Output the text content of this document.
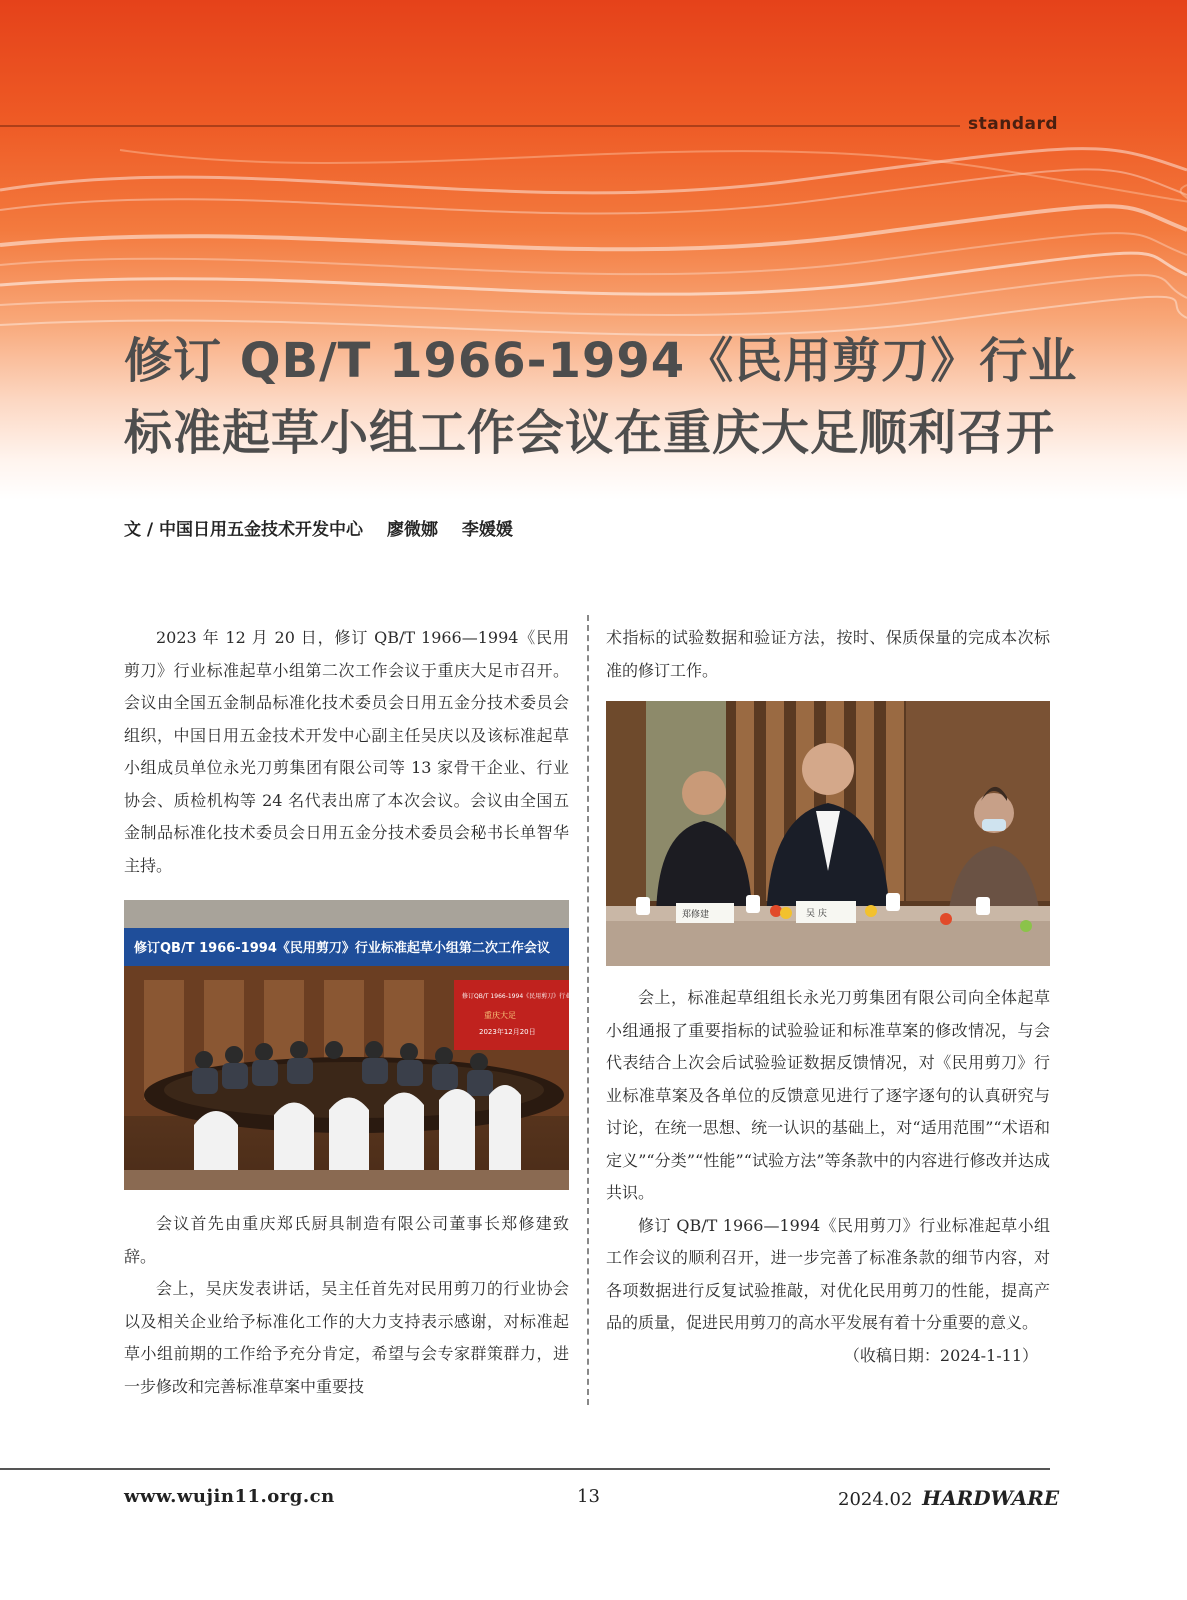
standard
修订 QB/T 1966-1994《民用剪刀》行业
标准起草小组工作会议在重庆大足顺利召开
文 / 中国日用五金技术开发中心 廖微娜 李媛媛

2023 年 12 月 20 日，修订 QB/T 1966—1994《民用剪刀》行业标准起草小组第二次工作会议于重庆大足市召开。会议由全国五金制品标准化技术委员会日用五金分技术委员会组织，中国日用五金技术开发中心副主任吴庆以及该标准起草小组成员单位永光刀剪集团有限公司等 13 家骨干企业、行业协会、质检机构等 24 名代表出席了本次会议。会议由全国五金制品标准化技术委员会日用五金分技术委员会秘书长单智华主持。

修订QB/T 1966-1994《民用剪刀》行业标准起草小组第二次工作会议
修订QB/T 1966-1994《民用剪刀》行业标准起草小组第二次工作会议
重庆大足
2023年12月20日

会议首先由重庆郑氏厨具制造有限公司董事长郑修建致辞。

会上，吴庆发表讲话，吴主任首先对民用剪刀的行业协会以及相关企业给予标准化工作的大力支持表示感谢，对标准起草小组前期的工作给予充分肯定，希望与会专家群策群力，进一步修改和完善标准草案中重要技

术指标的试验数据和验证方法，按时、保质保量的完成本次标准的修订工作。

郑修建	吴 庆

会上，标准起草组组长永光刀剪集团有限公司向全体起草小组通报了重要指标的试验验证和标准草案的修改情况，与会代表结合上次会后试验验证数据反馈情况，对《民用剪刀》行业标准草案及各单位的反馈意见进行了逐字逐句的认真研究与讨论，在统一思想、统一认识的基础上，对“适用范围”“术语和定义”“分类”“性能”“试验方法”等条款中的内容进行修改并达成共识。

修订 QB/T 1966—1994《民用剪刀》行业标准起草小组工作会议的顺利召开，进一步完善了标准条款的细节内容，对各项数据进行反复试验推敲，对优化民用剪刀的性能，提高产品的质量，促进民用剪刀的高水平发展有着十分重要的意义。

（收稿日期：2024-1-11）

www.wujin11.org.cn	13	2024.02 HARDWARE
